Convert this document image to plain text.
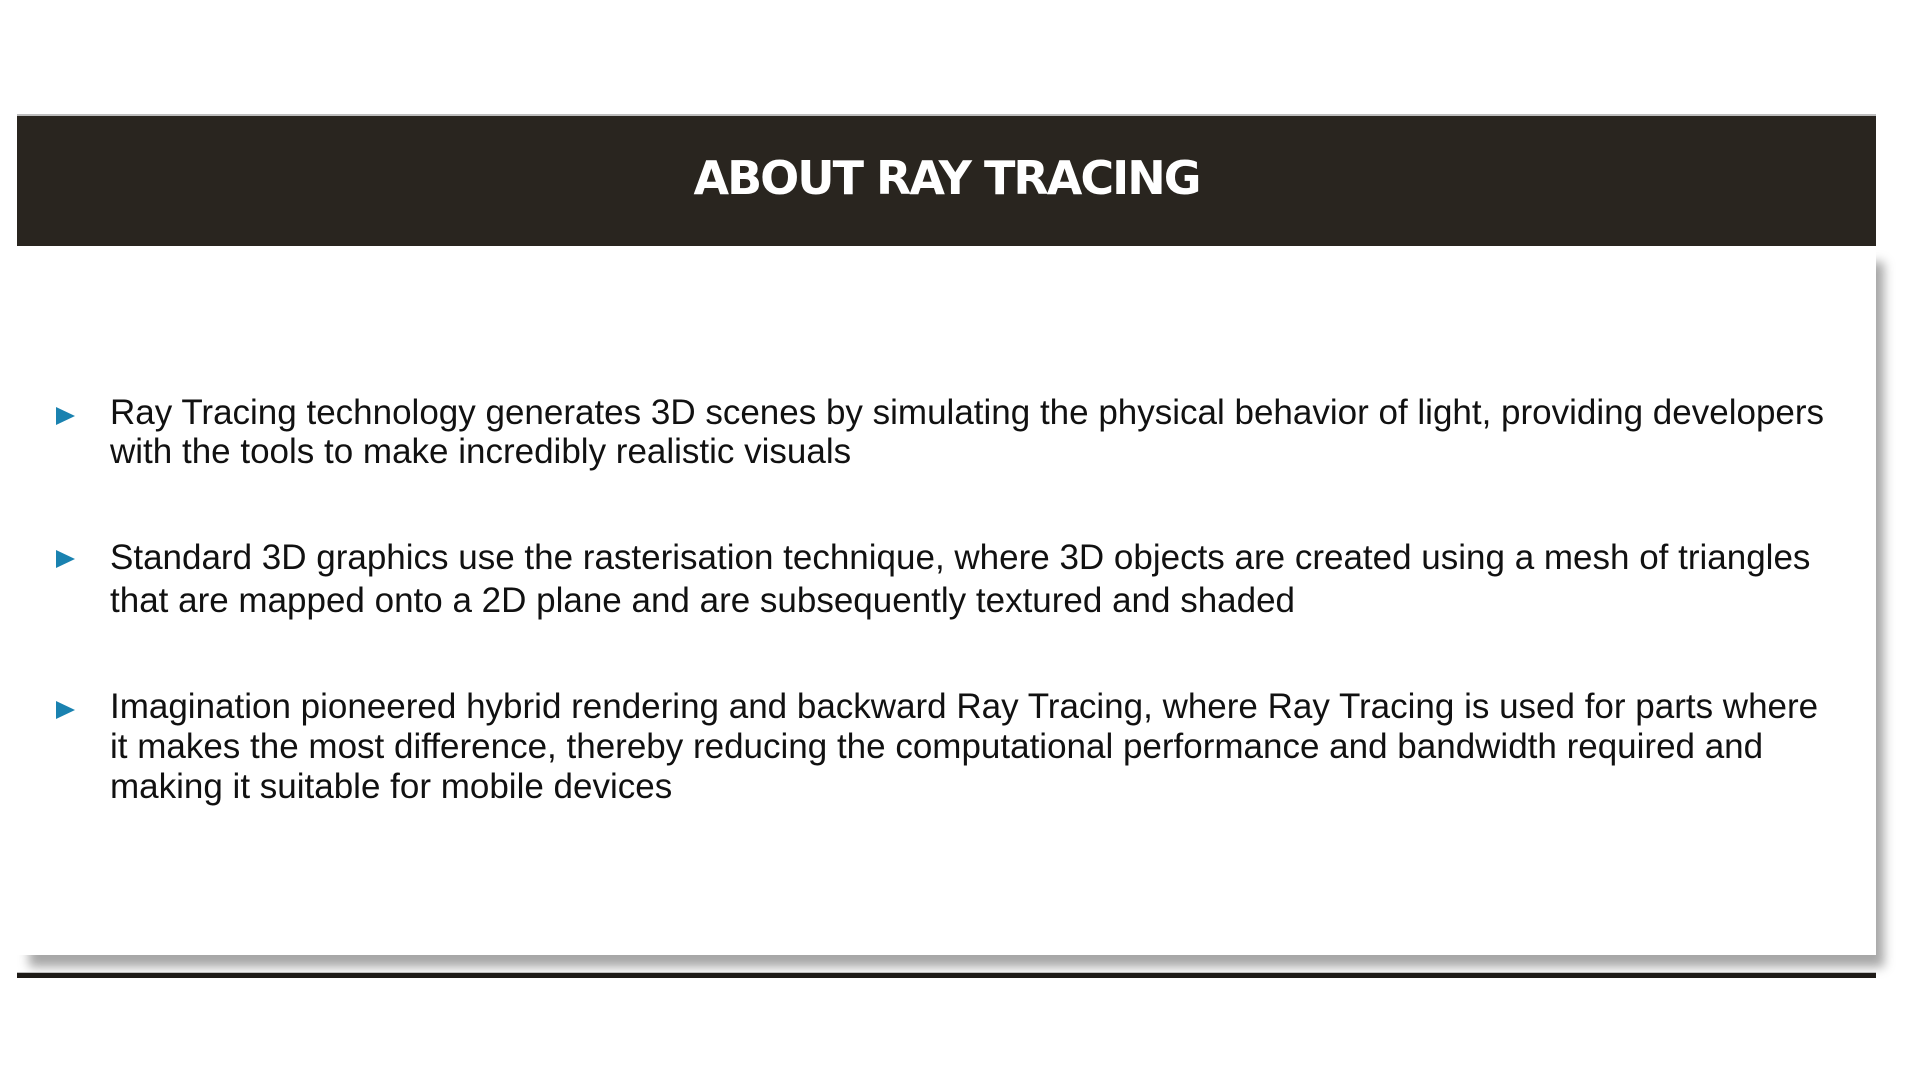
ABOUT RAY TRACING
Ray Tracing technology generates 3D scenes by simulating the physical behavior of light, providing developers with the tools to make incredibly realistic visuals
Standard 3D graphics use the rasterisation technique, where 3D objects are created using a mesh of triangles that are mapped onto a 2D plane and are subsequently textured and shaded
Imagination pioneered hybrid rendering and backward Ray Tracing, where Ray Tracing is used for parts where it makes the most difference, thereby reducing the computational performance and bandwidth required and making it suitable for mobile devices
